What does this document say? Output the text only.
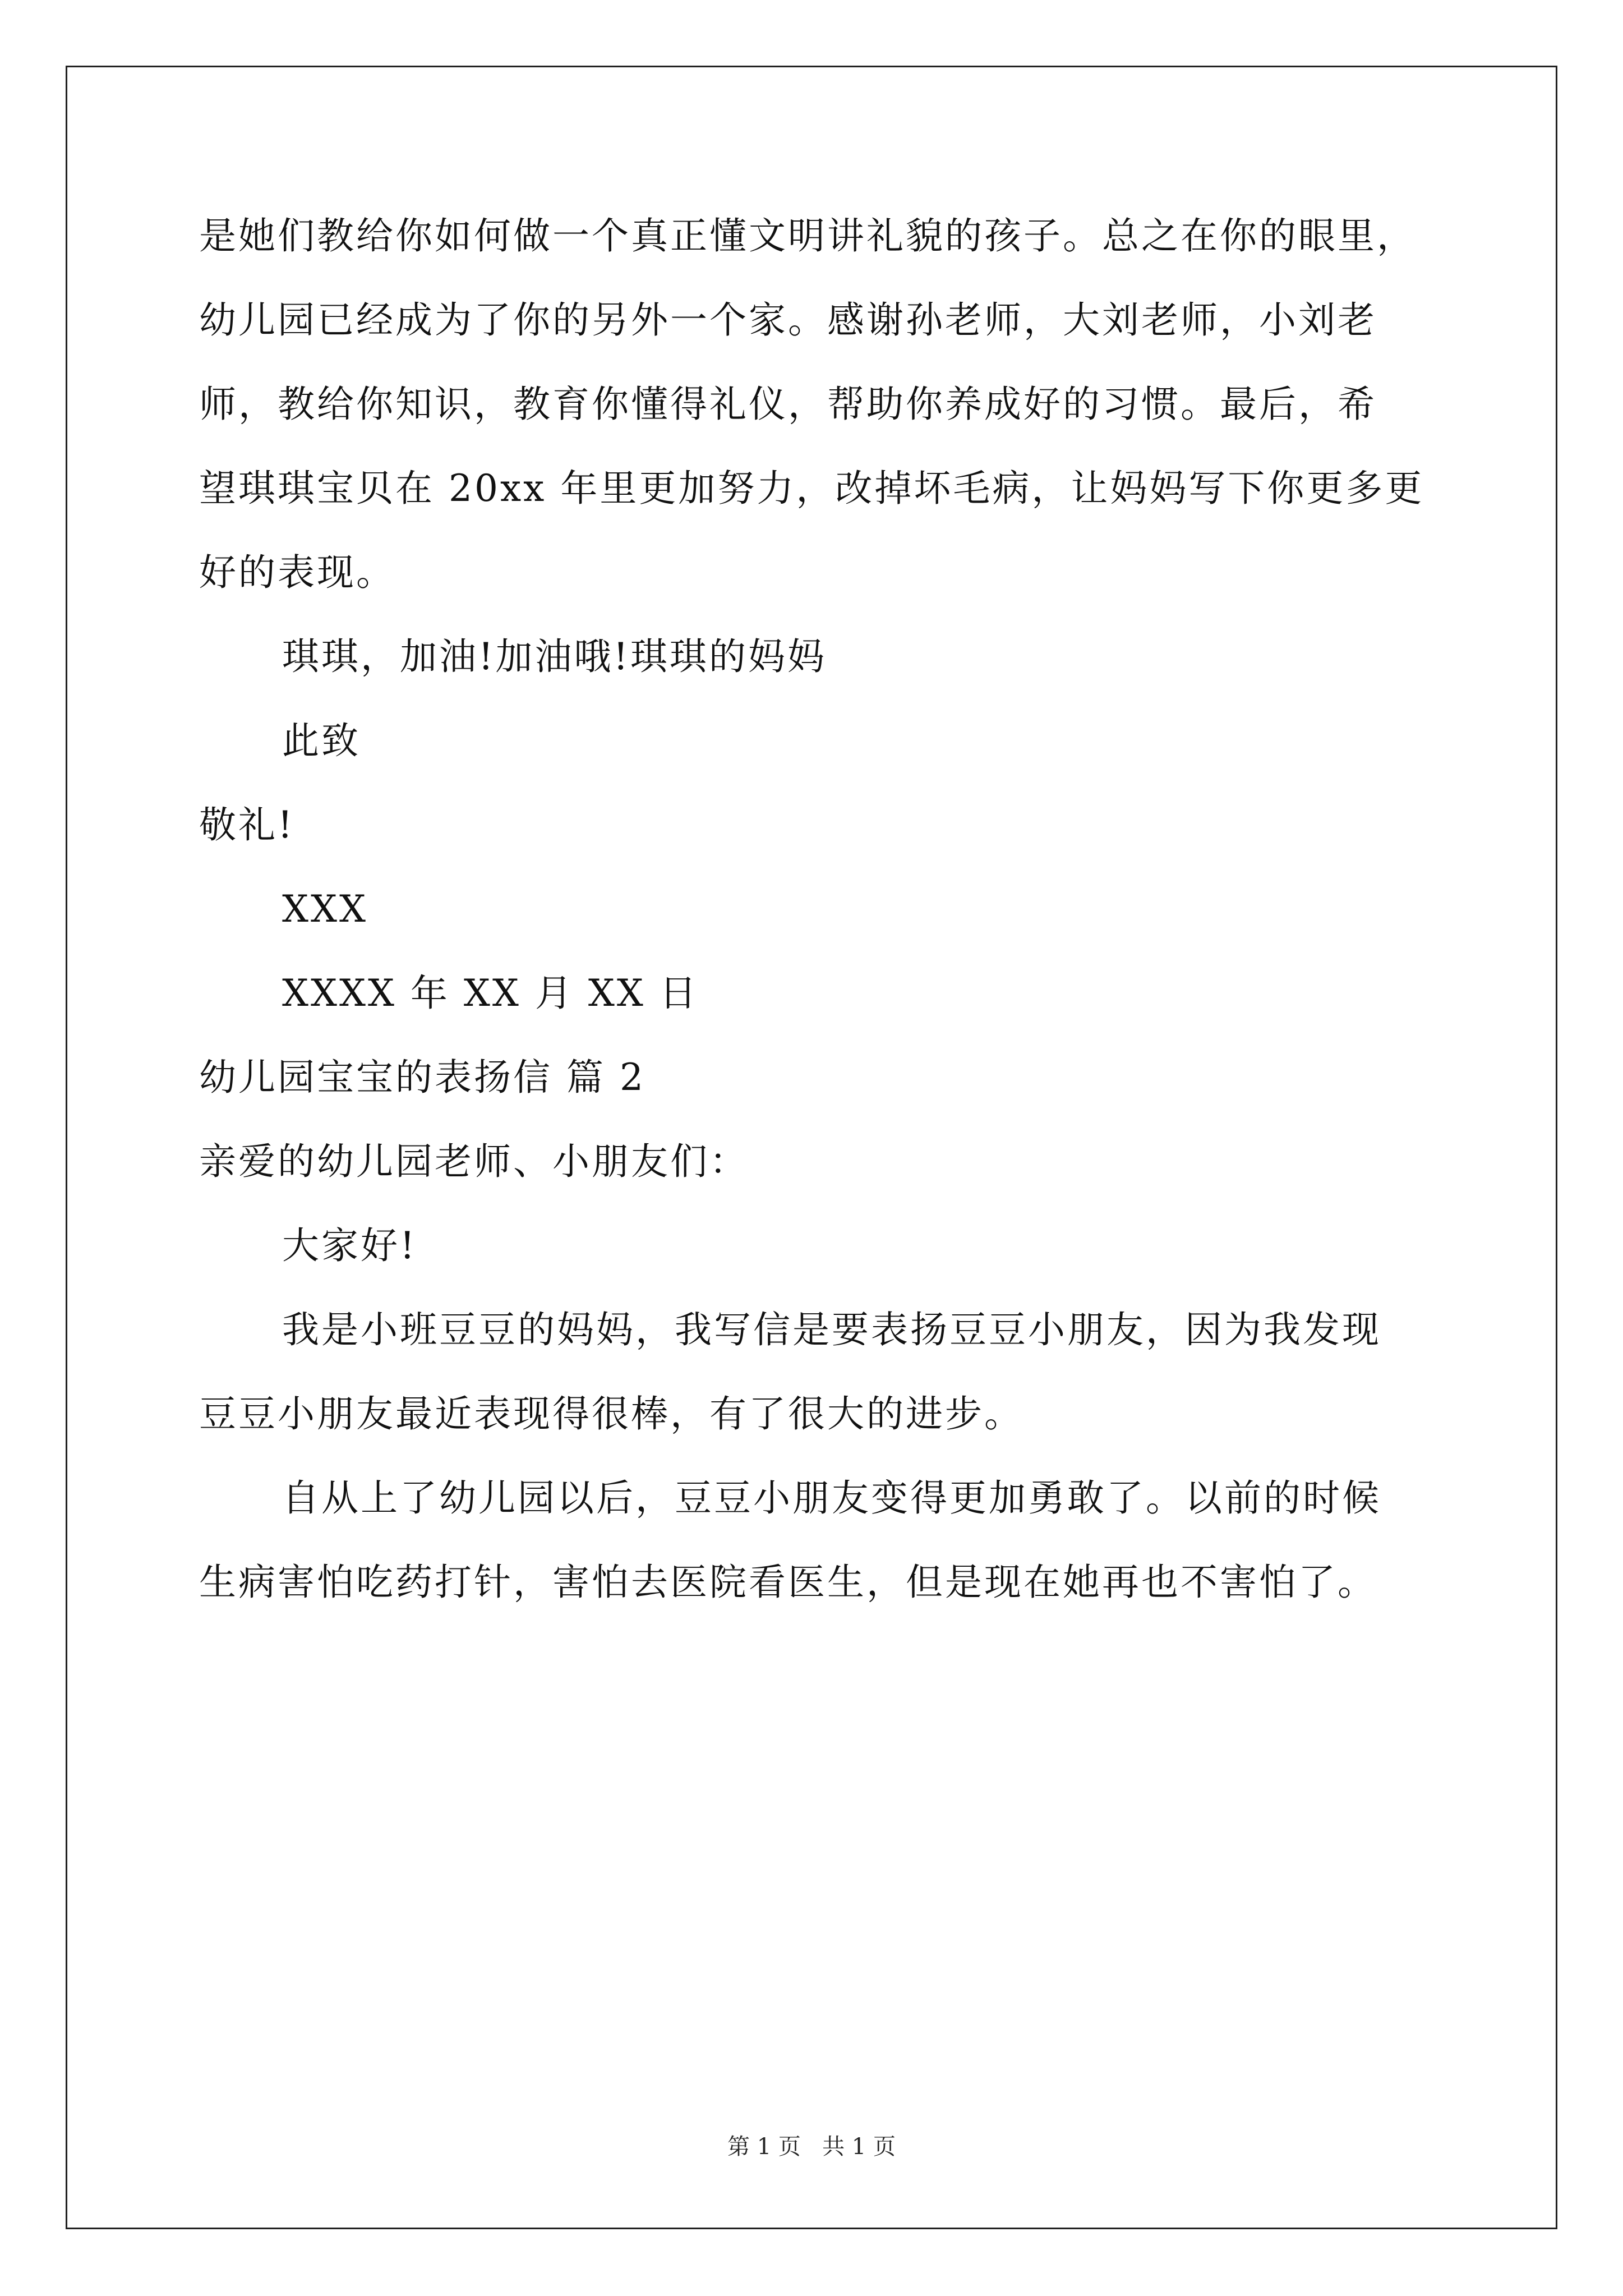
是她们教给你如何做一个真正懂文明讲礼貌的孩子。总之在你的眼里，
幼儿园已经成为了你的另外一个家。感谢孙老师，大刘老师，小刘老
师，教给你知识，教育你懂得礼仪，帮助你养成好的习惯。最后，希
望琪琪宝贝在 20xx 年里更加努力，改掉坏毛病，让妈妈写下你更多更
好的表现。
琪琪，加油!加油哦!琪琪的妈妈
此致
敬礼!
XXX
XXXX 年 XX 月 XX 日
幼儿园宝宝的表扬信 篇 2
亲爱的幼儿园老师、小朋友们：
大家好!
我是小班豆豆的妈妈，我写信是要表扬豆豆小朋友，因为我发现
豆豆小朋友最近表现得很棒，有了很大的进步。
自从上了幼儿园以后，豆豆小朋友变得更加勇敢了。以前的时候
生病害怕吃药打针，害怕去医院看医生，但是现在她再也不害怕了。
第 1 页   共 1 页
